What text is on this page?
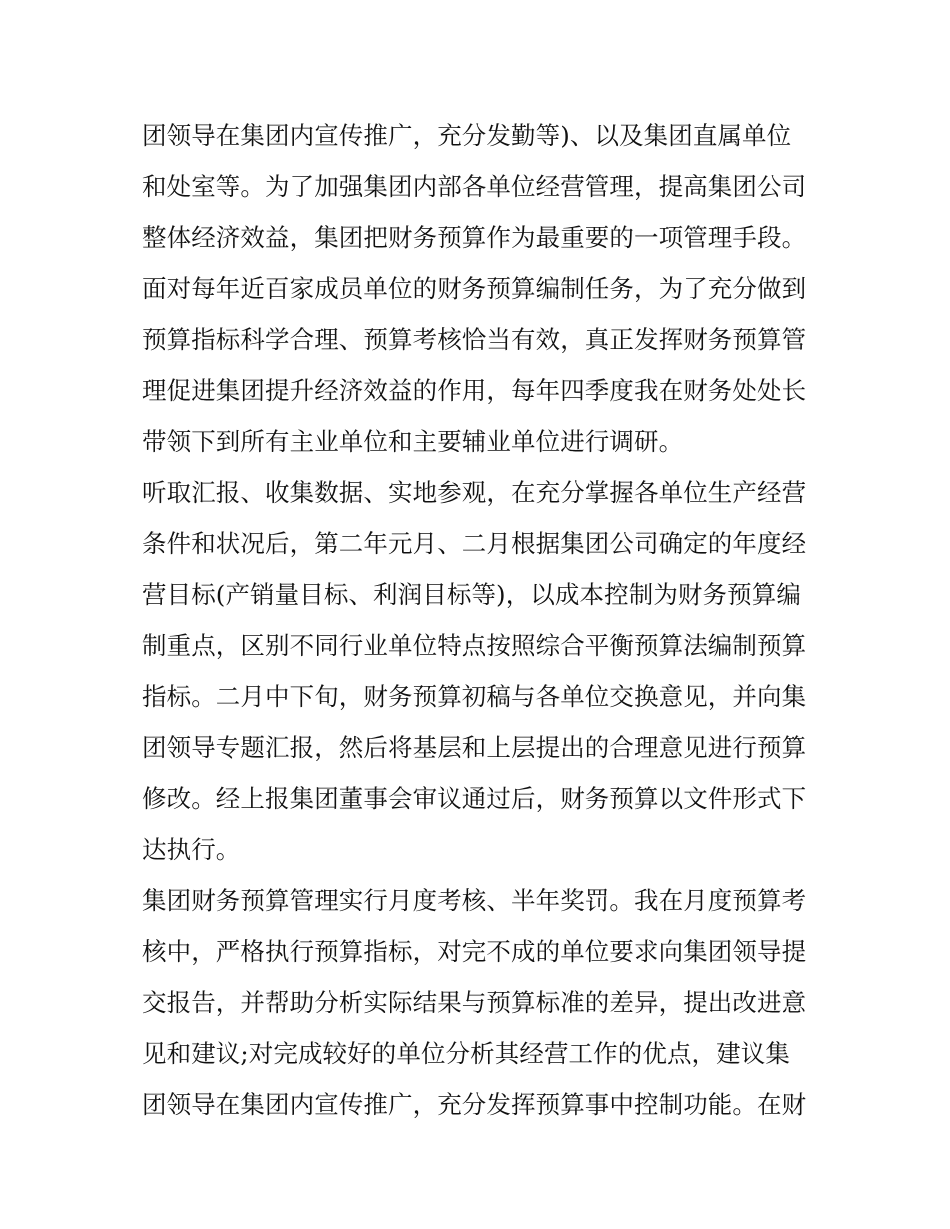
团领导在集团内宣传推广，充分发勤等)、以及集团直属单位
和处室等。为了加强集团内部各单位经营管理，提高集团公司
整体经济效益，集团把财务预算作为最重要的一项管理手段。
面对每年近百家成员单位的财务预算编制任务，为了充分做到
预算指标科学合理、预算考核恰当有效，真正发挥财务预算管
理促进集团提升经济效益的作用，每年四季度我在财务处处长
带领下到所有主业单位和主要辅业单位进行调研。
听取汇报、收集数据、实地参观，在充分掌握各单位生产经营
条件和状况后，第二年元月、二月根据集团公司确定的年度经
营目标(产销量目标、利润目标等)，以成本控制为财务预算编
制重点，区别不同行业单位特点按照综合平衡预算法编制预算
指标。二月中下旬，财务预算初稿与各单位交换意见，并向集
团领导专题汇报，然后将基层和上层提出的合理意见进行预算
修改。经上报集团董事会审议通过后，财务预算以文件形式下
达执行。
集团财务预算管理实行月度考核、半年奖罚。我在月度预算考
核中，严格执行预算指标，对完不成的单位要求向集团领导提
交报告，并帮助分析实际结果与预算标准的差异，提出改进意
见和建议;对完成较好的单位分析其经营工作的优点，建议集
团领导在集团内宣传推广，充分发挥预算事中控制功能。在财
